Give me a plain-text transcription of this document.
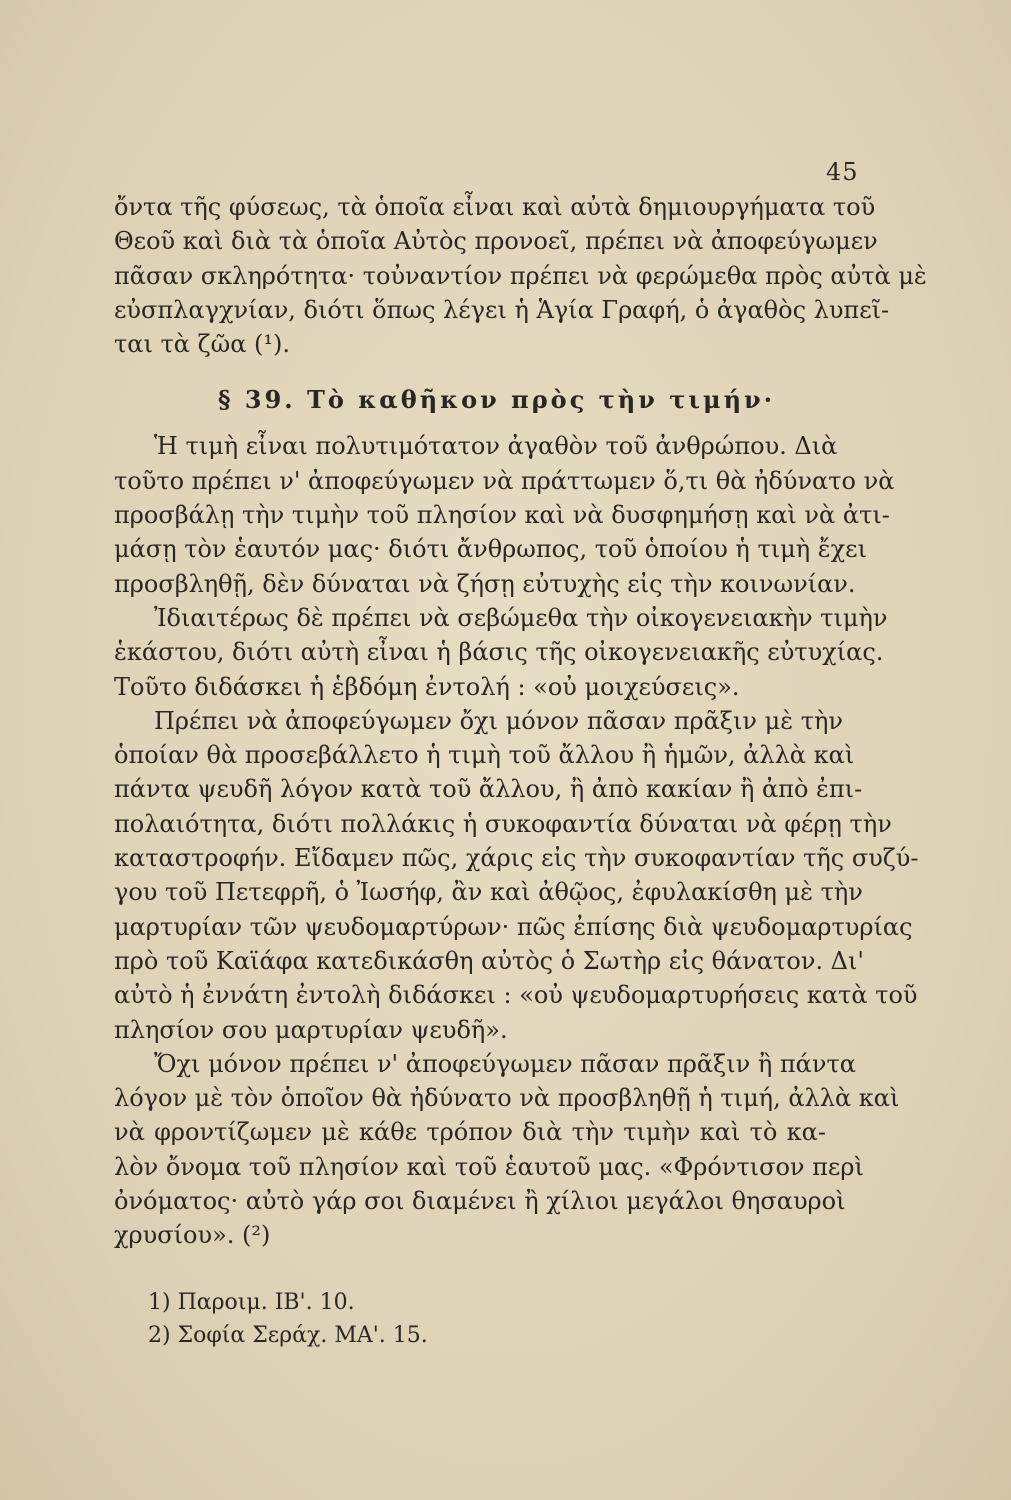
45
ὄντα τῆς φύσεως, τὰ ὁποῖα εἶναι καὶ αὐτὰ δημιουργήματα τοῦ
Θεοῦ καὶ διὰ τὰ ὁποῖα Αὐτὸς προνοεῖ, πρέπει νὰ ἀποφεύγωμεν
πᾶσαν σκληρότητα· τοὐναντίον πρέπει νὰ φερώμεθα πρὸς αὐτὰ μὲ
εὐσπλαγχνίαν, διότι ὅπως λέγει ἡ Ἁγία Γραφή, ὁ ἀγαθὸς λυπεῖ-
ται τὰ ζῶα (¹).
§ 39. Τὸ καθῆκον πρὸς τὴν τιμήν·
Ἡ τιμὴ εἶναι πολυτιμότατον ἀγαθὸν τοῦ ἀνθρώπου. Διὰ
τοῦτο πρέπει ν' ἀποφεύγωμεν νὰ πράττωμεν ὅ,τι θὰ ἠδύνατο νὰ
προσβάλῃ τὴν τιμὴν τοῦ πλησίον καὶ νὰ δυσφημήσῃ καὶ νὰ ἀτι-
μάσῃ τὸν ἑαυτόν μας· διότι ἄνθρωπος, τοῦ ὁποίου ἡ τιμὴ ἔχει
προσβληθῇ, δὲν δύναται νὰ ζήσῃ εὐτυχὴς εἰς τὴν κοινωνίαν.
Ἰδιαιτέρως δὲ πρέπει νὰ σεβώμεθα τὴν οἰκογενειακὴν τιμὴν
ἑκάστου, διότι αὐτὴ εἶναι ἡ βάσις τῆς οἰκογενειακῆς εὐτυχίας.
Τοῦτο διδάσκει ἡ ἑβδόμη ἐντολή : «οὐ μοιχεύσεις».
Πρέπει νὰ ἀποφεύγωμεν ὄχι μόνον πᾶσαν πρᾶξιν μὲ τὴν
ὁποίαν θὰ προσεβάλλετο ἡ τιμὴ τοῦ ἄλλου ἢ ἡμῶν, ἀλλὰ καὶ
πάντα ψευδῆ λόγον κατὰ τοῦ ἄλλου, ἢ ἀπὸ κακίαν ἢ ἀπὸ ἐπι-
πολαιότητα, διότι πολλάκις ἡ συκοφαντία δύναται νὰ φέρῃ τὴν
καταστροφήν. Εἴδαμεν πῶς, χάρις εἰς τὴν συκοφαντίαν τῆς συζύ-
γου τοῦ Πετεφρῆ, ὁ Ἰωσήφ, ἂν καὶ ἀθῷος, ἐφυλακίσθη μὲ τὴν
μαρτυρίαν τῶν ψευδομαρτύρων· πῶς ἐπίσης διὰ ψευδομαρτυρίας
πρὸ τοῦ Καϊάφα κατεδικάσθη αὐτὸς ὁ Σωτὴρ εἰς θάνατον. Δι'
αὐτὸ ἡ ἐννάτη ἐντολὴ διδάσκει : «οὐ ψευδομαρτυρήσεις κατὰ τοῦ
πλησίον σου μαρτυρίαν ψευδῆ».
Ὄχι μόνον πρέπει ν' ἀποφεύγωμεν πᾶσαν πρᾶξιν ἢ πάντα
λόγον μὲ τὸν ὁποῖον θὰ ἠδύνατο νὰ προσβληθῇ ἡ τιμή, ἀλλὰ καὶ
νὰ φροντίζωμεν μὲ κάθε τρόπον διὰ τὴν τιμὴν καὶ τὸ κα-
λὸν ὄνομα τοῦ πλησίον καὶ τοῦ ἑαυτοῦ μας. «Φρόντισον περὶ
ὀνόματος· αὐτὸ γάρ σοι διαμένει ἢ χίλιοι μεγάλοι θησαυροὶ
χρυσίου». (²)
1) Παροιμ. ΙΒ'. 10.
2) Σοφία Σεράχ. ΜΑ'. 15.
